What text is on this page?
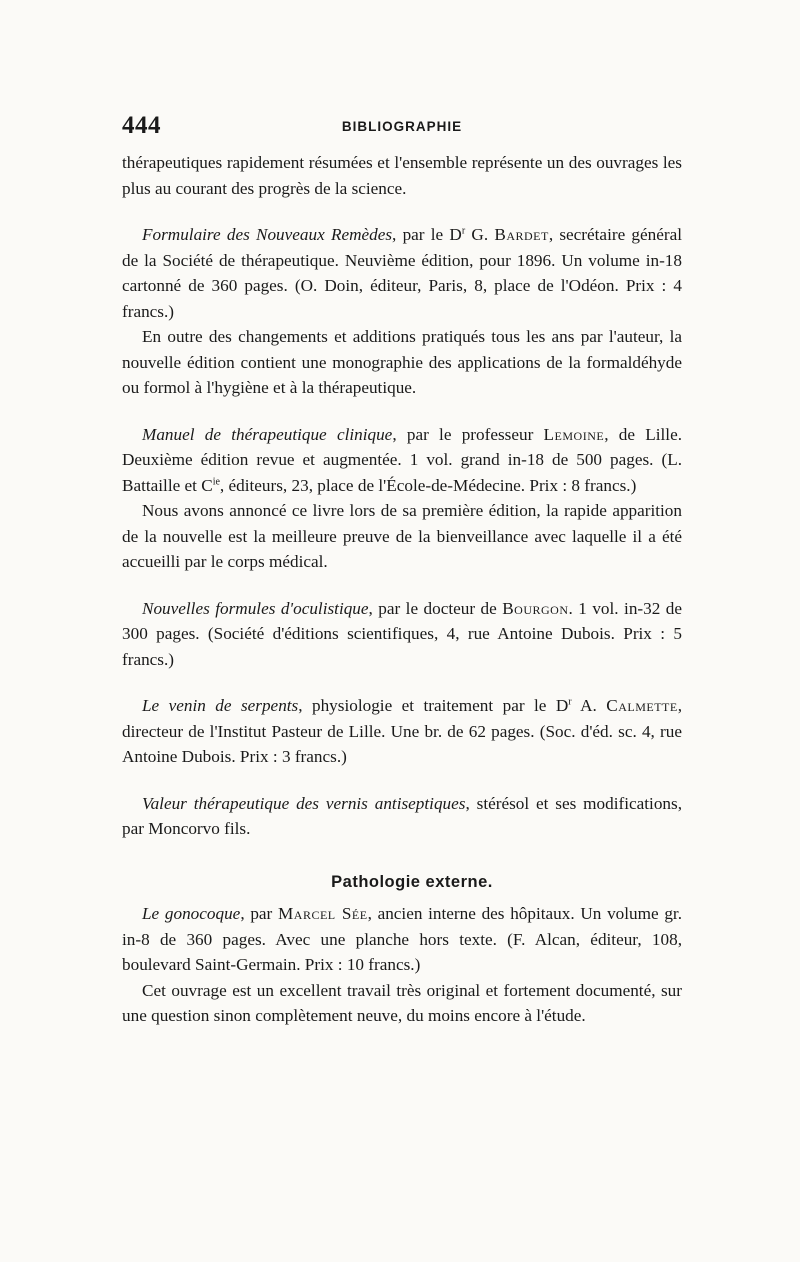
444	BIBLIOGRAPHIE

thérapeutiques rapidement résumées et l'ensemble représente un des ouvrages les plus au courant des progrès de la science.

Formulaire des Nouveaux Remèdes, par le $D^r$ G. Bardet, secrétaire général de la Société de thérapeutique. Neuvième édition, pour 1896. Un volume in-18 cartonné de 360 pages. (O. Doin, éditeur, Paris, 8, place de l'Odéon. Prix : 4 francs.)

En outre des changements et additions pratiqués tous les ans par l'auteur, la nouvelle édition contient une monographie des applications de la formaldéhyde ou formol à l'hygiène et à la thérapeutique.

Manuel de thérapeutique clinique, par le professeur Lemoine, de Lille. Deuxième édition revue et augmentée. 1 vol. grand in-18 de 500 pages. (L. Battaille et $C^{ie}$, éditeurs, 23, place de l'École-de-Médecine. Prix : 8 francs.)

Nous avons annoncé ce livre lors de sa première édition, la rapide apparition de la nouvelle est la meilleure preuve de la bienveillance avec laquelle il a été accueilli par le corps médical.

Nouvelles formules d'oculistique, par le docteur de Bourgon. 1 vol. in-32 de 300 pages. (Société d'éditions scientifiques, 4, rue Antoine Dubois. Prix : 5 francs.)

Le venin de serpents, physiologie et traitement par le $D^r$ A. Calmette, directeur de l'Institut Pasteur de Lille. Une br. de 62 pages. (Soc. d'éd. sc. 4, rue Antoine Dubois. Prix : 3 francs.)

Valeur thérapeutique des vernis antiseptiques, stérésol et ses modifications, par Moncorvo fils.

Pathologie externe.

Le gonocoque, par Marcel Sée, ancien interne des hôpitaux. Un volume gr. in-8 de 360 pages. Avec une planche hors texte. (F. Alcan, éditeur, 108, boulevard Saint-Germain. Prix : 10 francs.)

Cet ouvrage est un excellent travail très original et fortement documenté, sur une question sinon complètement neuve, du moins encore à l'étude.
